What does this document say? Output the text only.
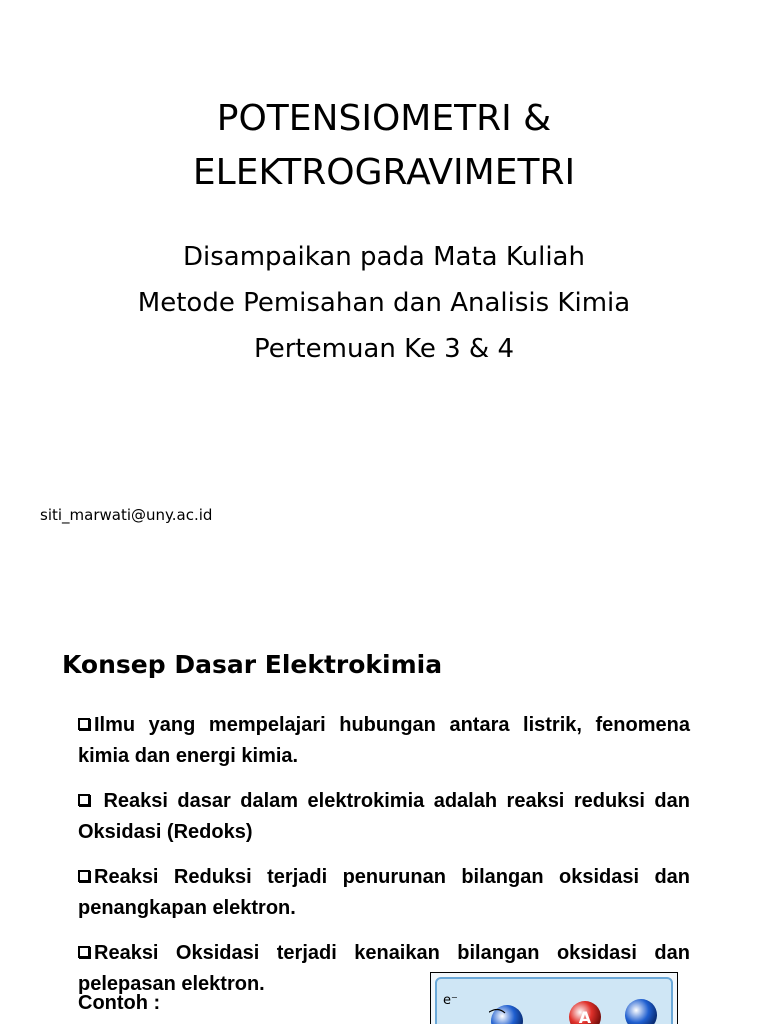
POTENSIOMETRI &
ELEKTROGRAVIMETRI
Disampaikan pada Mata Kuliah
Metode Pemisahan dan Analisis Kimia
Pertemuan Ke 3 & 4
siti_marwati@uny.ac.id
Konsep Dasar Elektrokimia
Ilmu yang mempelajari hubungan antara listrik, fenomena kimia dan energi kimia.
Reaksi dasar dalam elektrokimia adalah reaksi reduksi dan Oksidasi (Redoks)
Reaksi Reduksi terjadi penurunan bilangan oksidasi dan penangkapan elektron.
Reaksi Oksidasi terjadi kenaikan bilangan oksidasi dan pelepasan elektron.
Contoh :	e⁻
A
